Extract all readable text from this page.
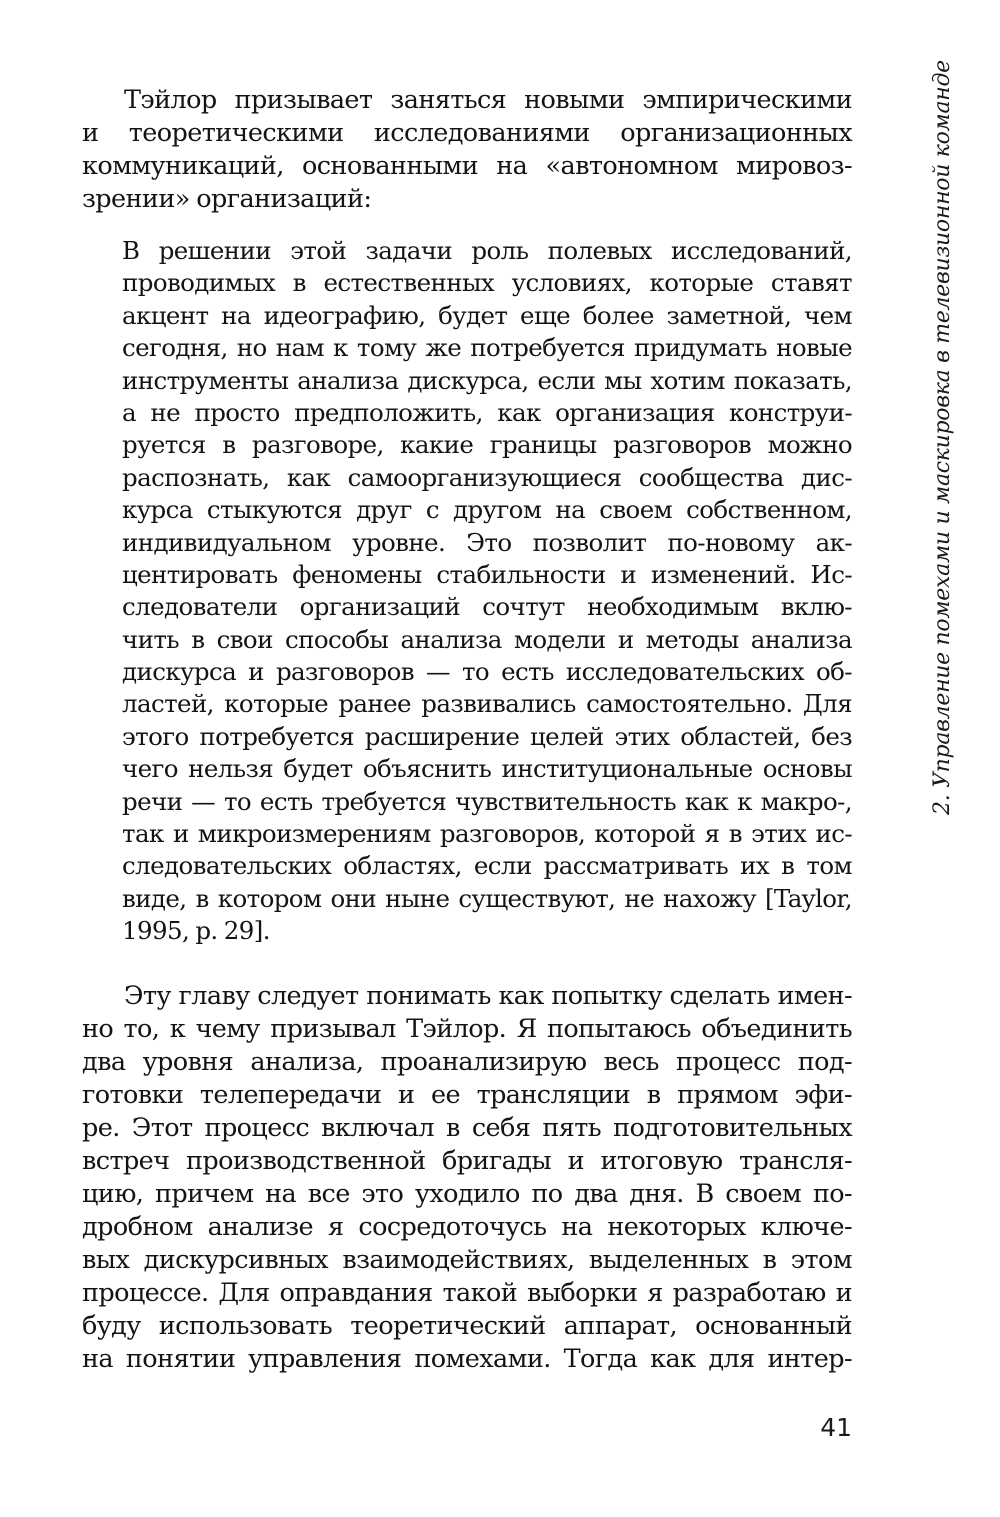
2. Управление помехами и маскировка в телевизионной команде
Тэйлор призывает заняться новыми эмпирическими
и теоретическими исследованиями организационных
коммуникаций, основанными на «автономном мировоз-
зрении» организаций:
В решении этой задачи роль полевых исследований,
проводимых в естественных условиях, которые ставят
акцент на идеографию, будет еще более заметной, чем
сегодня, но нам к тому же потребуется придумать новые
инструменты анализа дискурса, если мы хотим показать,
а не просто предположить, как организация конструи-
руется в разговоре, какие границы разговоров можно
распознать, как самоорганизующиеся сообщества дис-
курса стыкуются друг с другом на своем собственном,
индивидуальном уровне. Это позволит по-новому ак-
центировать феномены стабильности и изменений. Ис-
следователи организаций сочтут необходимым вклю-
чить в свои способы анализа модели и методы анализа
дискурса и разговоров — то есть исследовательских об-
ластей, которые ранее развивались самостоятельно. Для
этого потребуется расширение целей этих областей, без
чего нельзя будет объяснить институциональные основы
речи — то есть требуется чувствительность как к макро-,
так и микроизмерениям разговоров, которой я в этих ис-
следовательских областях, если рассматривать их в том
виде, в котором они ныне существуют, не нахожу [Taylor,
1995, p. 29].
Эту главу следует понимать как попытку сделать имен-
но то, к чему призывал Тэйлор. Я попытаюсь объединить
два уровня анализа, проанализирую весь процесс под-
готовки телепередачи и ее трансляции в прямом эфи-
ре. Этот процесс включал в себя пять подготовительных
встреч производственной бригады и итоговую трансля-
цию, причем на все это уходило по два дня. В своем по-
дробном анализе я сосредоточусь на некоторых ключе-
вых дискурсивных взаимодействиях, выделенных в этом
процессе. Для оправдания такой выборки я разработаю и
буду использовать теоретический аппарат, основанный
на понятии управления помехами. Тогда как для интер-
41
